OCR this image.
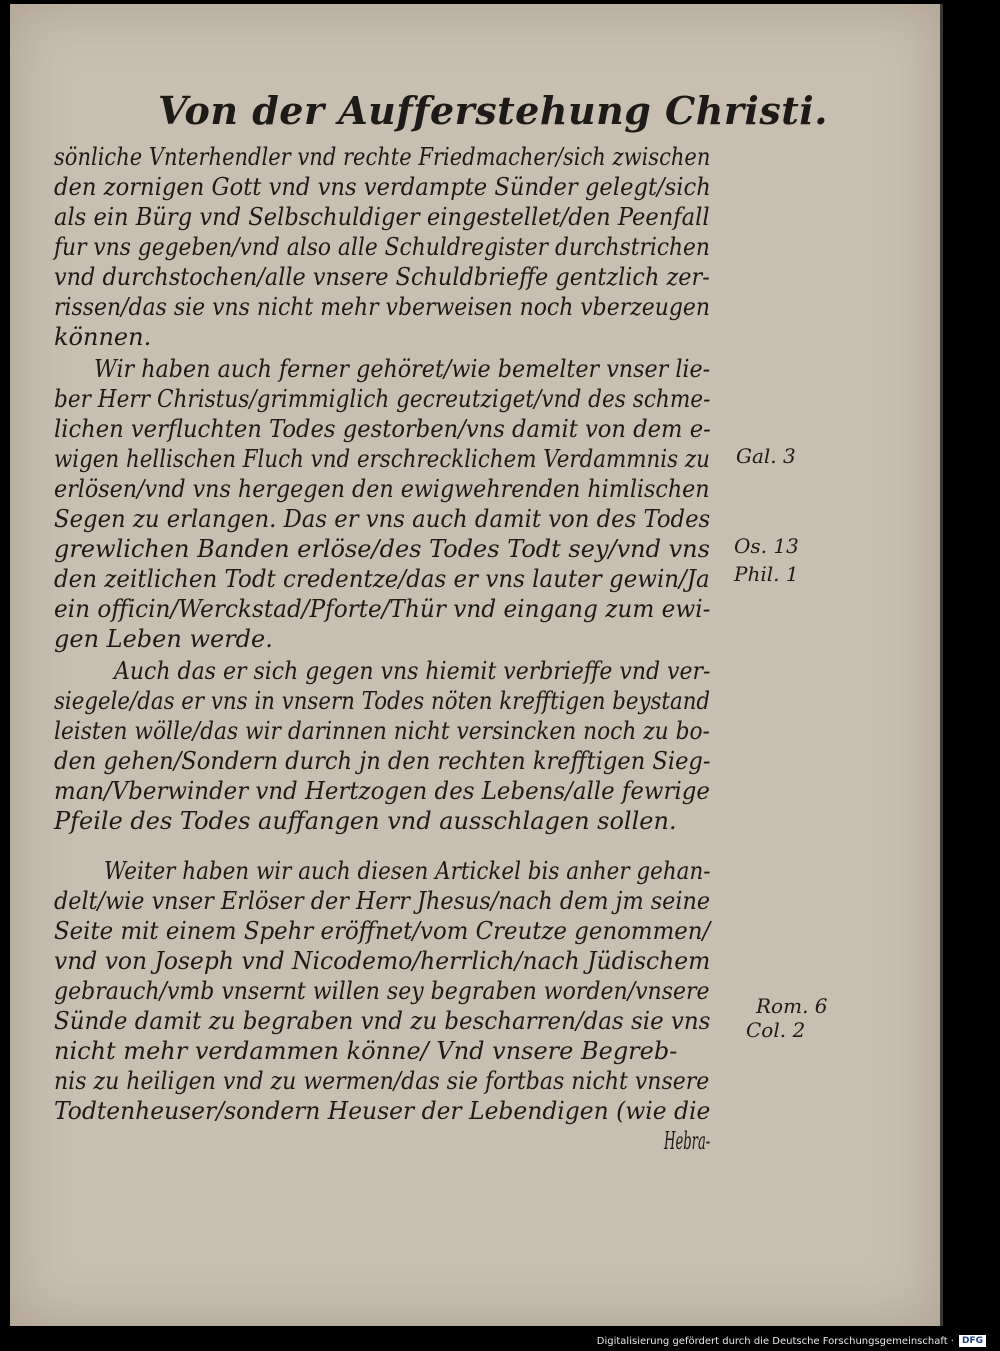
Von der Aufferstehung Christi.
sönliche Vnterhendler vnd rechte Friedmacher/sich zwischen
den zornigen Gott vnd vns verdampte Sünder gelegt/sich
als ein Bürg vnd Selbschuldiger eingestellet/den Peenfall
fur vns gegeben/vnd also alle Schuldregister durchstrichen
vnd durchstochen/alle vnsere Schuldbrieffe gentzlich zer-
rissen/das sie vns nicht mehr vberweisen noch vberzeugen
können.
Wir haben auch ferner gehöret/wie bemelter vnser lie-
ber Herr Christus/grimmiglich gecreutziget/vnd des schme-
lichen verfluchten Todes gestorben/vns damit von dem e-
wigen hellischen Fluch vnd erschrecklichem Verdammnis zu
erlösen/vnd vns hergegen den ewigwehrenden himlischen
Segen zu erlangen. Das er vns auch damit von des Todes
grewlichen Banden erlöse/des Todes Todt sey/vnd vns
den zeitlichen Todt credentze/das er vns lauter gewin/Ja
ein officin/Werckstad/Pforte/Thür vnd eingang zum ewi-
gen Leben werde.
Auch das er sich gegen vns hiemit verbrieffe vnd ver-
siegele/das er vns in vnsern Todes nöten krefftigen beystand
leisten wölle/das wir darinnen nicht versincken noch zu bo-
den gehen/Sondern durch jn den rechten krefftigen Sieg-
man/Vberwinder vnd Hertzogen des Lebens/alle fewrige
Pfeile des Todes auffangen vnd ausschlagen sollen.
Weiter haben wir auch diesen Artickel bis anher gehan-
delt/wie vnser Erlöser der Herr Jhesus/nach dem jm seine
Seite mit einem Spehr eröffnet/vom Creutze genommen/
vnd von Joseph vnd Nicodemo/herrlich/nach Jüdischem
gebrauch/vmb vnsernt willen sey begraben worden/vnsere
Sünde damit zu begraben vnd zu bescharren/das sie vns
nicht mehr verdammen könne/ Vnd vnsere Begreb-
nis zu heiligen vnd zu wermen/das sie fortbas nicht vnsere
Todtenheuser/sondern Heuser der Lebendigen (wie die
Hebra-
Gal. 3
Os. 13
Phil. 1
Rom. 6
Col. 2
Digitalisierung gefördert durch die Deutsche Forschungsgemeinschaft · DFG
